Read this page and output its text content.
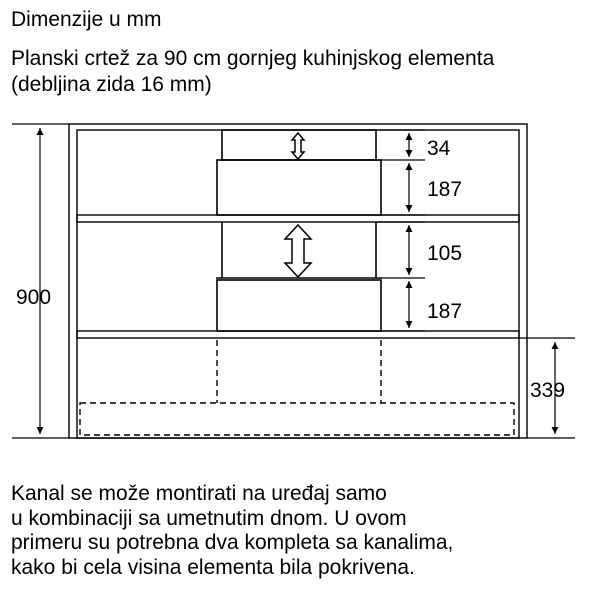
Dimenzije u mm

Planski crtež za 90 cm gornjeg kuhinjskog elementa
(debljina zida 16 mm)

900
34
187
105
187
339

Kanal se može montirati na uređaj samo
u kombinaciji sa umetnutim dnom. U ovom
primeru su potrebna dva kompleta sa kanalima,
kako bi cela visina elementa bila pokrivena.
